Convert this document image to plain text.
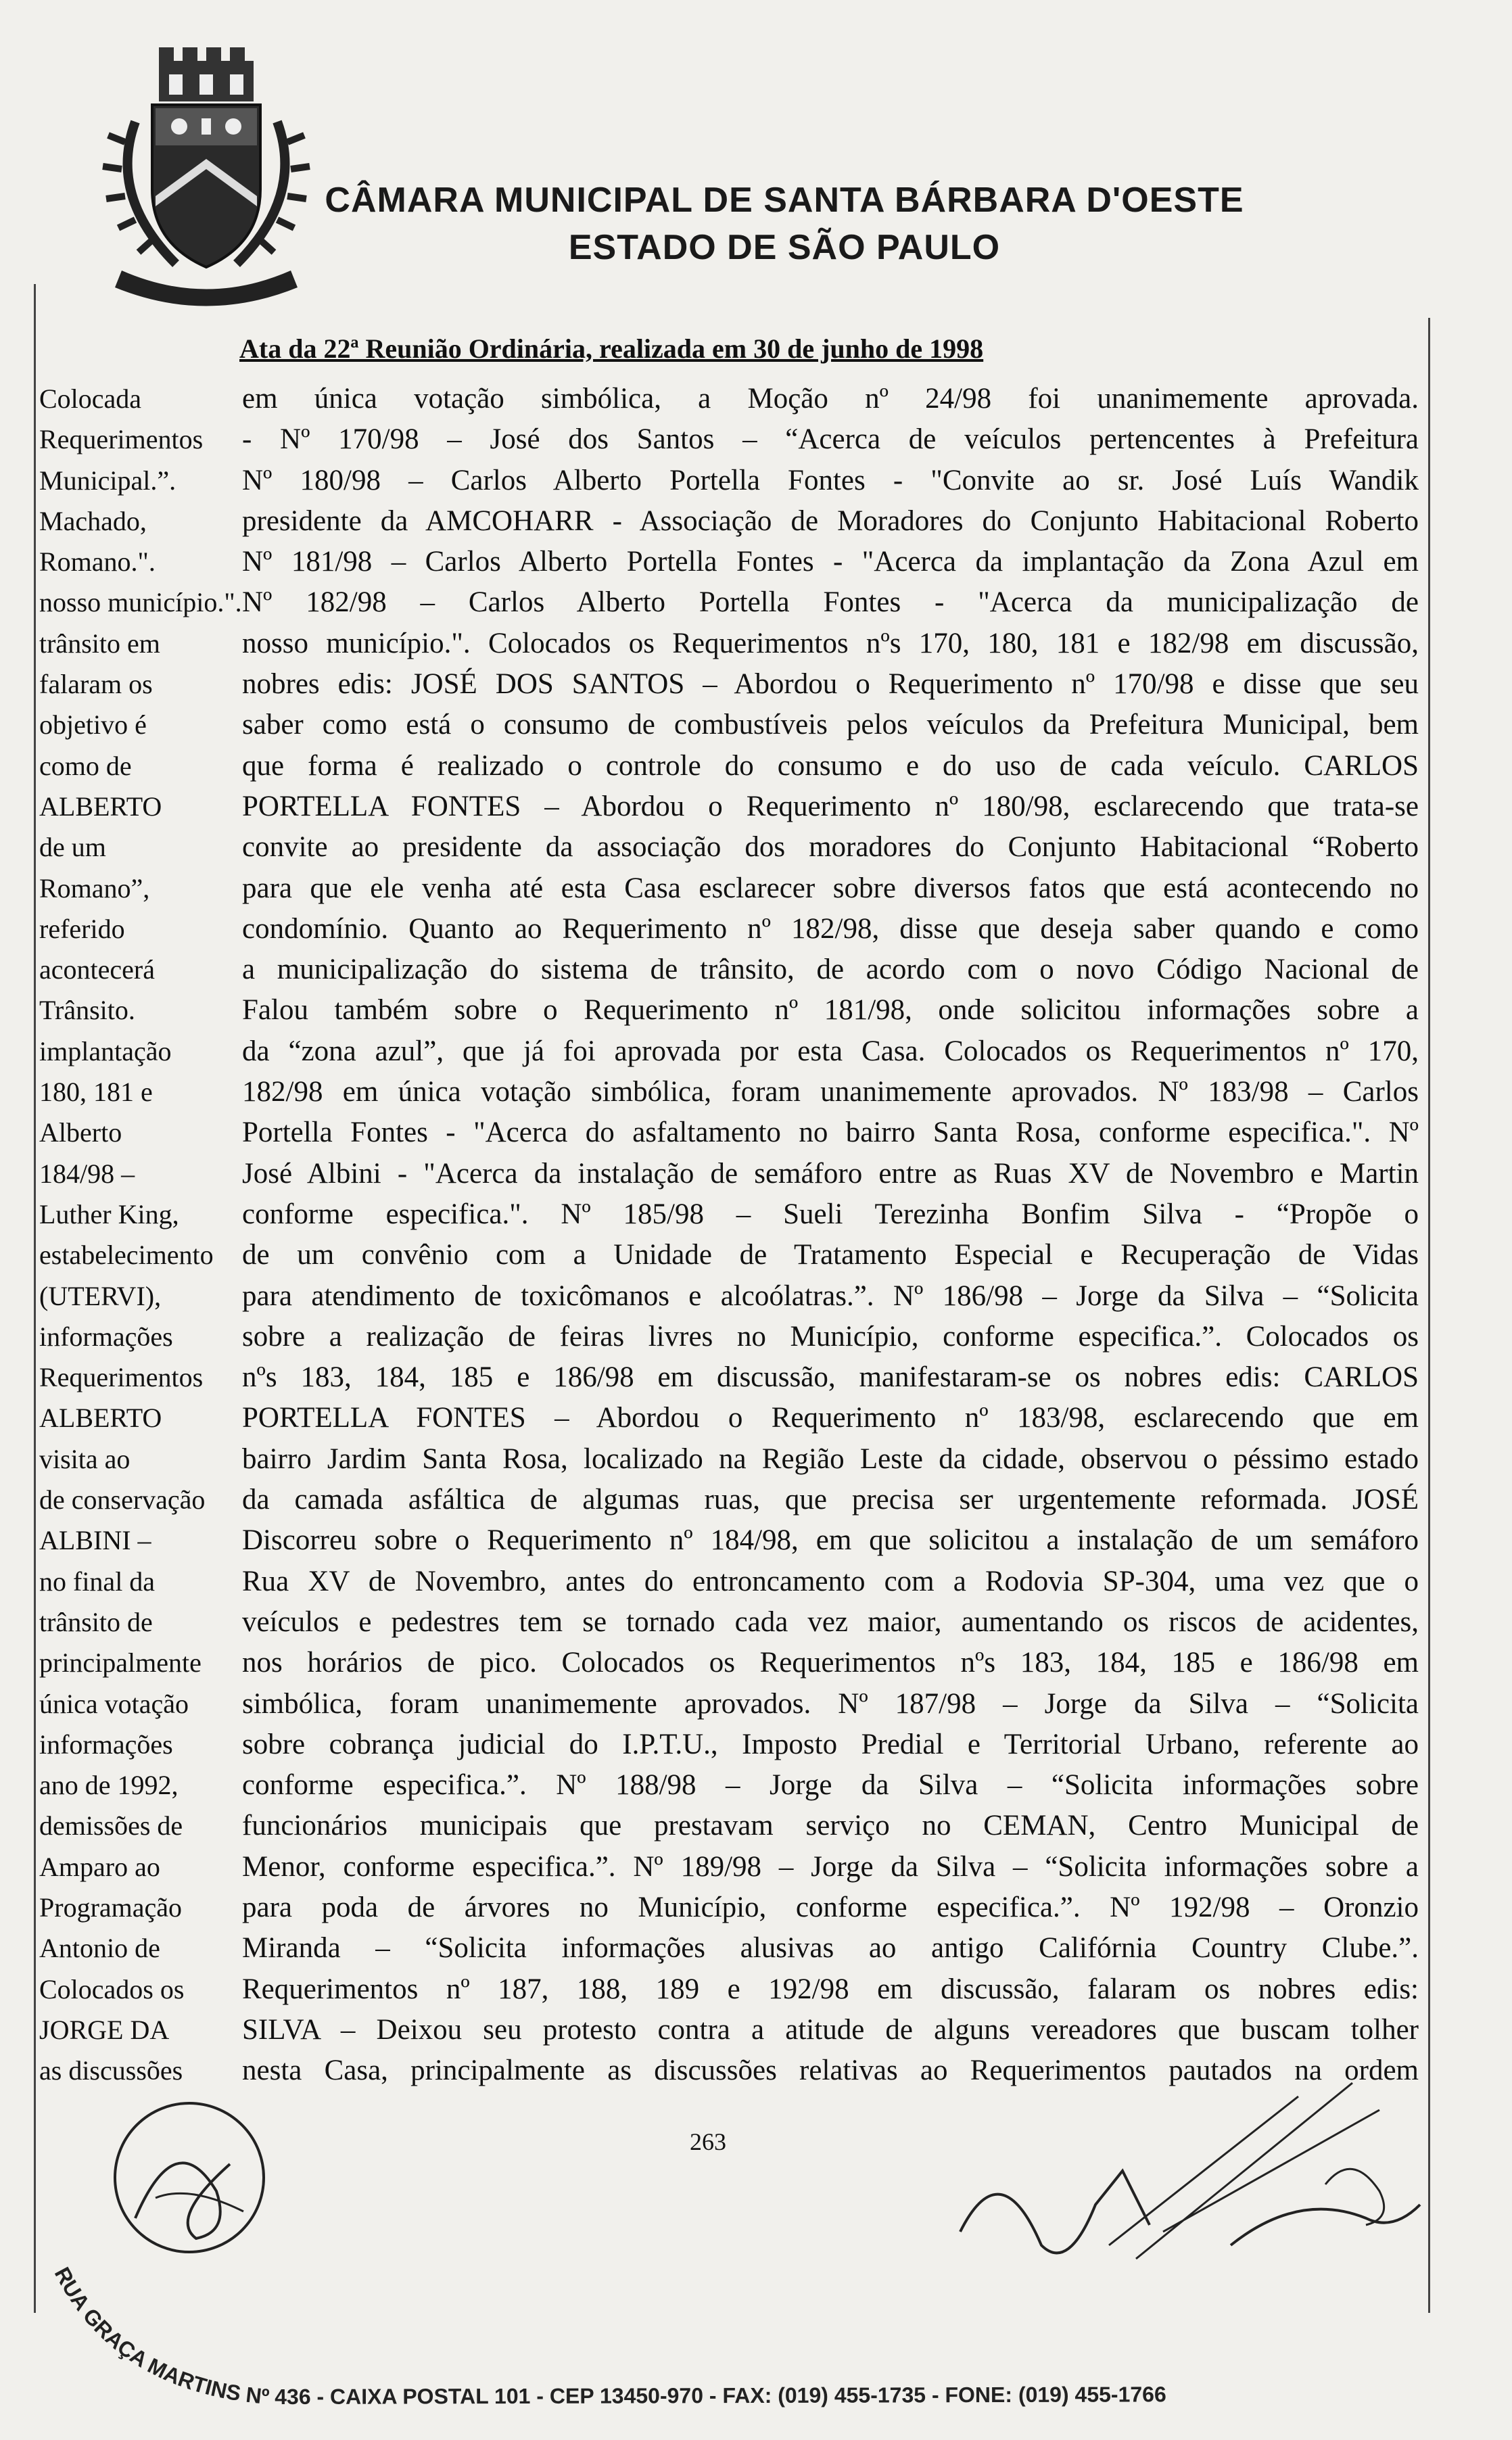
CÂMARA MUNICIPAL DE SANTA BÁRBARA D'OESTE
ESTADO DE SÃO PAULO
Ata da 22ª Reunião Ordinária, realizada em 30 de junho de 1998
Colocada	em única votação simbólica, a Moção nº 24/98 foi unanimemente aprovada.
Requerimentos - Nº 170/98 – José dos Santos – “Acerca de veículos pertencentes à Prefeitura
Municipal.”. Nº 180/98 – Carlos Alberto Portella Fontes - "Convite ao sr. José Luís Wandik
Machado,	presidente da AMCOHARR - Associação de Moradores do Conjunto Habitacional Roberto
Romano.".	Nº 181/98 – Carlos Alberto Portella Fontes - "Acerca da implantação da Zona Azul em
nosso município.". Nº 182/98 – Carlos Alberto Portella Fontes - "Acerca da municipalização de
trânsito em	nosso município.". Colocados os Requerimentos nºs 170, 180, 181 e 182/98 em discussão,
falaram os	nobres edis: JOSÉ DOS SANTOS – Abordou o Requerimento nº 170/98 e disse que seu
objetivo é	saber como está o consumo de combustíveis pelos veículos da Prefeitura Municipal, bem
como de	que forma é realizado o controle do consumo e do uso de cada veículo. CARLOS
ALBERTO	PORTELLA FONTES – Abordou o Requerimento nº 180/98, esclarecendo que trata-se
de um	convite ao presidente da associação dos moradores do Conjunto Habitacional “Roberto
Romano”,	para que ele venha até esta Casa esclarecer sobre diversos fatos que está acontecendo no
referido	condomínio. Quanto ao Requerimento nº 182/98, disse que deseja saber quando e como
acontecerá	a municipalização do sistema de trânsito, de acordo com o novo Código Nacional de
Trânsito.	Falou também sobre o Requerimento nº 181/98, onde solicitou informações sobre a
implantação da “zona azul”, que já foi aprovada por esta Casa. Colocados os Requerimentos nº 170,
180, 181 e	182/98 em única votação simbólica, foram unanimemente aprovados. Nº 183/98 – Carlos
Alberto	Portella Fontes - "Acerca do asfaltamento no bairro Santa Rosa, conforme especifica.". Nº
184/98 –	José Albini - "Acerca da instalação de semáforo entre as Ruas XV de Novembro e Martin
Luther King, conforme especifica.". Nº 185/98 – Sueli Terezinha Bonfim Silva - “Propõe o
estabelecimento de um convênio com a Unidade de Tratamento Especial e Recuperação de Vidas
(UTERVI),	para atendimento de toxicômanos e alcoólatras.”. Nº 186/98 – Jorge da Silva – “Solicita
informações sobre a realização de feiras livres no Município, conforme especifica.”. Colocados os
Requerimentos nºs 183, 184, 185 e 186/98 em discussão, manifestaram-se os nobres edis: CARLOS
ALBERTO	PORTELLA FONTES – Abordou o Requerimento nº 183/98, esclarecendo que em
visita ao	bairro Jardim Santa Rosa, localizado na Região Leste da cidade, observou o péssimo estado
de conservação da camada asfáltica de algumas ruas, que precisa ser urgentemente reformada. JOSÉ
ALBINI –	Discorreu sobre o Requerimento nº 184/98, em que solicitou a instalação de um semáforo
no final da	Rua XV de Novembro, antes do entroncamento com a Rodovia SP-304, uma vez que o
trânsito de	veículos e pedestres tem se tornado cada vez maior, aumentando os riscos de acidentes,
principalmente nos horários de pico. Colocados os Requerimentos nºs 183, 184, 185 e 186/98 em
única votação simbólica, foram unanimemente aprovados. Nº 187/98 – Jorge da Silva – “Solicita
informações sobre cobrança judicial do I.P.T.U., Imposto Predial e Territorial Urbano, referente ao
ano de 1992, conforme especifica.”. Nº 188/98 – Jorge da Silva – “Solicita informações sobre
demissões de funcionários municipais que prestavam serviço no CEMAN, Centro Municipal de
Amparo ao	Menor, conforme especifica.”. Nº 189/98 – Jorge da Silva – “Solicita informações sobre a
Programação para poda de árvores no Município, conforme especifica.”. Nº 192/98 – Oronzio
Antonio de	Miranda – “Solicita informações alusivas ao antigo Califórnia Country Clube.”.
Colocados os Requerimentos nº 187, 188, 189 e 192/98 em discussão, falaram os nobres edis:
JORGE DA	SILVA – Deixou seu protesto contra a atitude de alguns vereadores que buscam tolher
as discussões nesta Casa, principalmente as discussões relativas ao Requerimentos pautados na ordem
263
RUA GRAÇA MARTINS Nº 436 - CAIXA POSTAL 101 - CEP 13450-970 - FAX: (019) 455-1735 - FONE: (019) 455-1766
